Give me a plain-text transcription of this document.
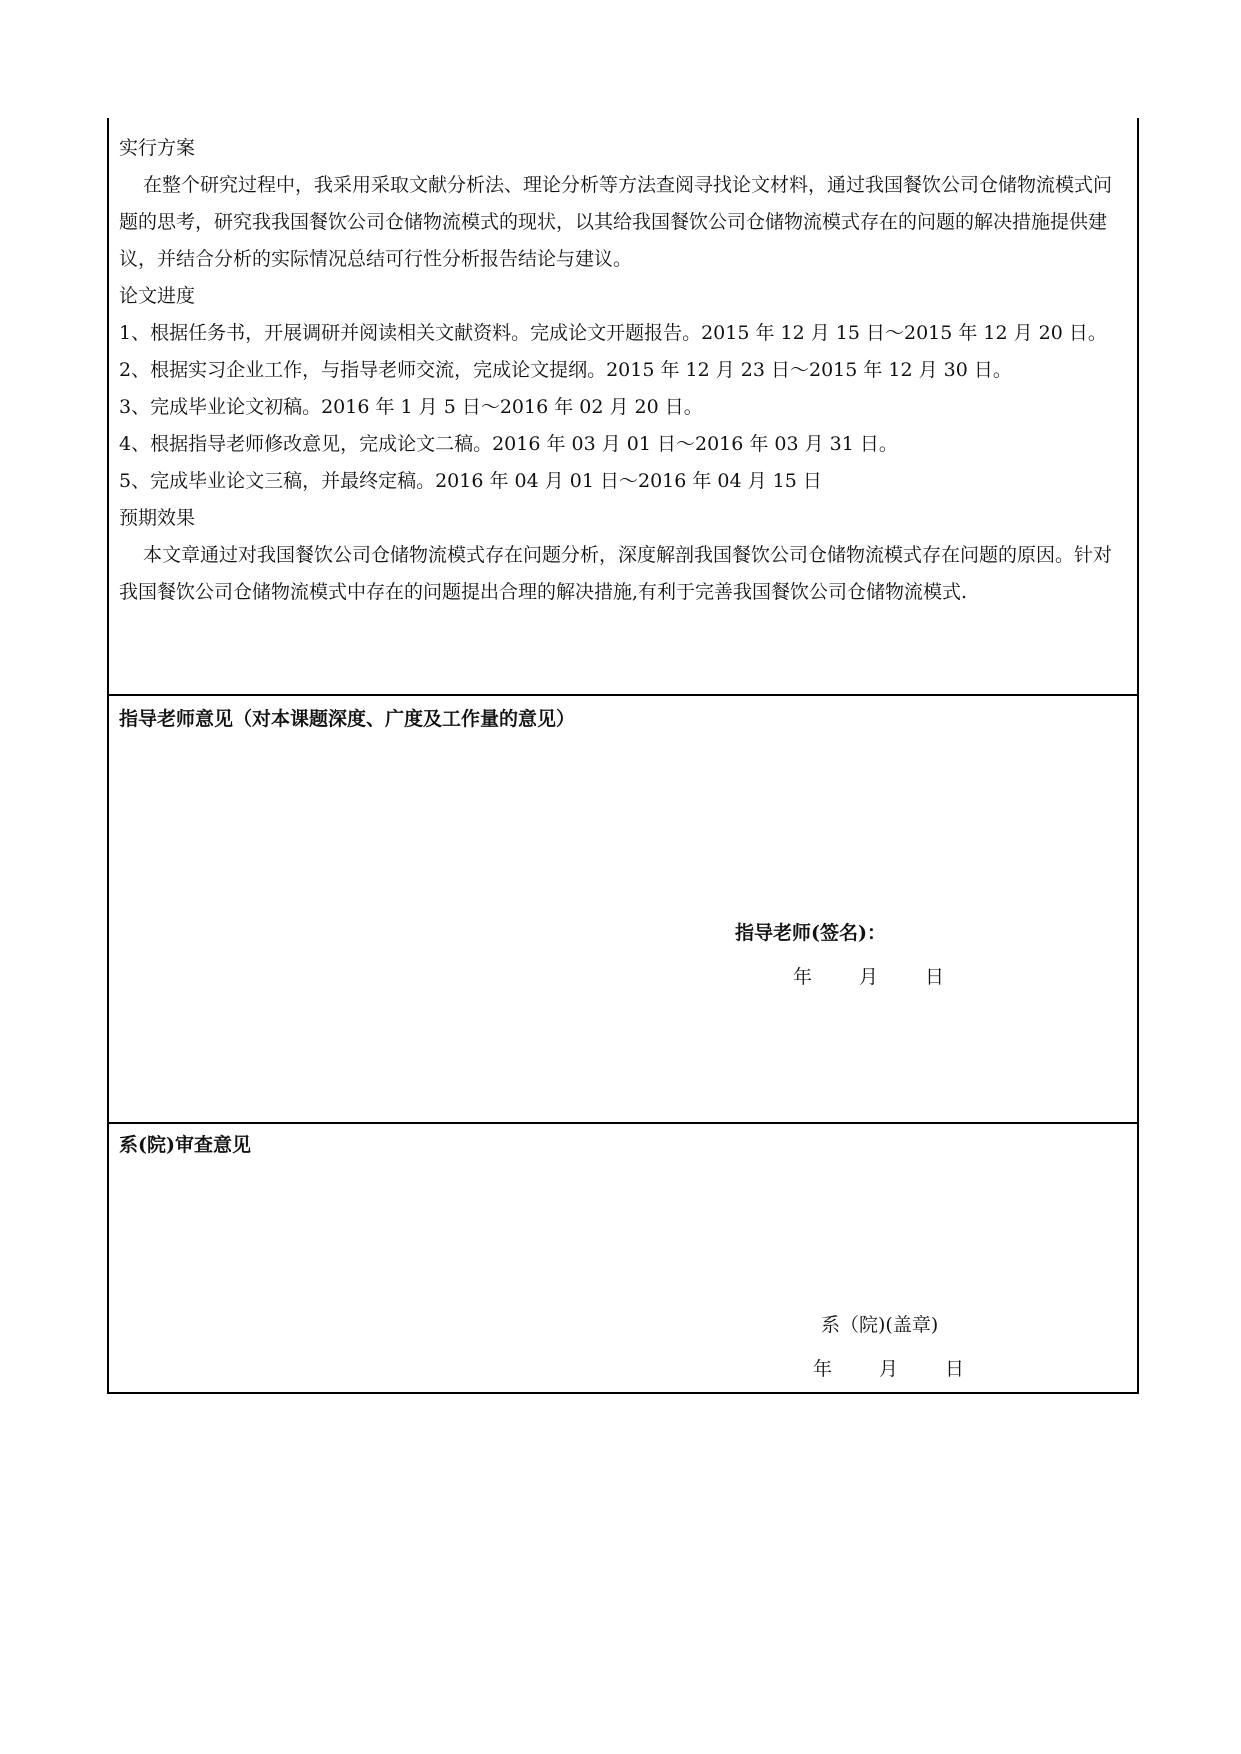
实行方案

在整个研究过程中，我采用采取文献分析法、理论分析等方法查阅寻找论文材料，通过我国餐饮公司仓储物流模式问题的思考，研究我我国餐饮公司仓储物流模式的现状，以其给我国餐饮公司仓储物流模式存在的问题的解决措施提供建议，并结合分析的实际情况总结可行性分析报告结论与建议。

论文进度

1、根据任务书，开展调研并阅读相关文献资料。完成论文开题报告。2015 年 12 月 15 日～2015 年 12 月 20 日。

2、根据实习企业工作，与指导老师交流，完成论文提纲。2015 年 12 月 23 日～2015 年 12 月 30 日。

3、完成毕业论文初稿。2016 年 1 月 5 日～2016 年 02 月 20 日。

4、根据指导老师修改意见，完成论文二稿。2016 年 03 月 01 日～2016 年 03 月 31 日。

5、完成毕业论文三稿，并最终定稿。2016 年 04 月 01 日～2016 年 04 月 15 日

预期效果

本文章通过对我国餐饮公司仓储物流模式存在问题分析，深度解剖我国餐饮公司仓储物流模式存在问题的原因。针对我国餐饮公司仓储物流模式中存在的问题提出合理的解决措施,有利于完善我国餐饮公司仓储物流模式.

指导老师意见（对本课题深度、广度及工作量的意见）
指导老师(签名)：
年 月 日
系(院)审查意见
系（院)(盖章)
年 月 日
